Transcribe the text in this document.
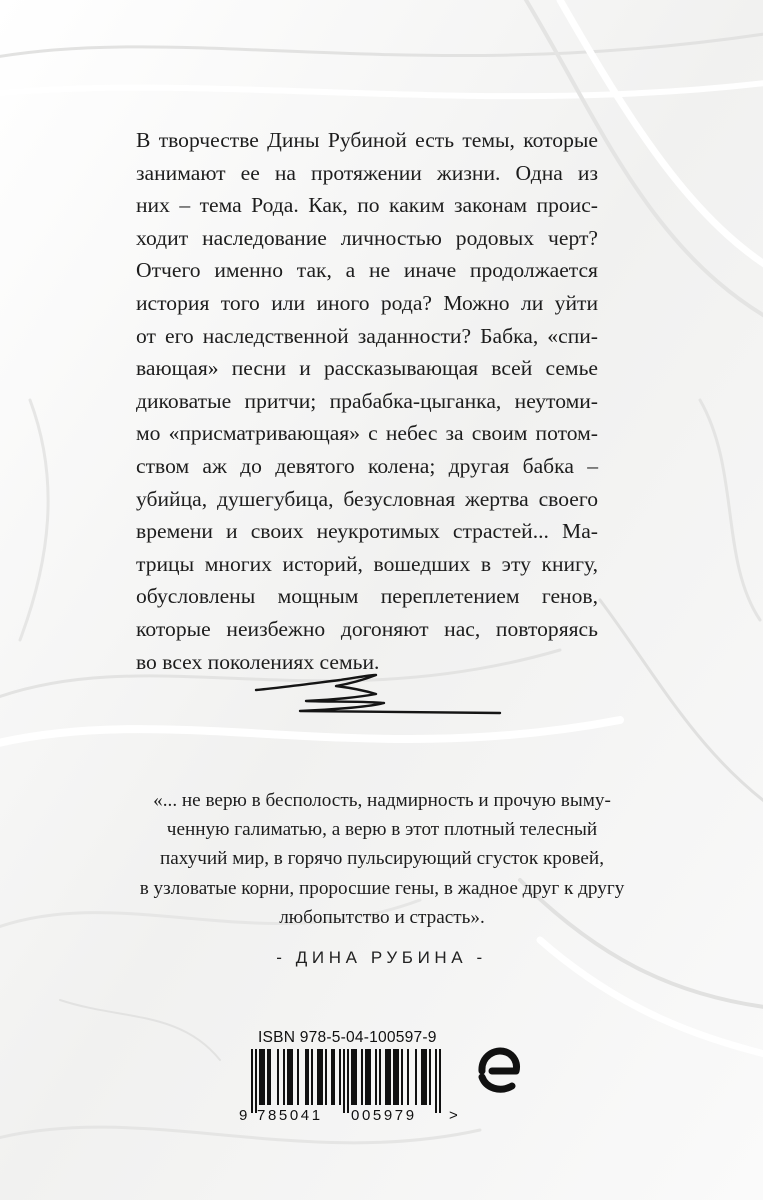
В творчестве Дины Рубиной есть темы, которые
занимают ее на протяжении жизни. Одна из
них – тема Рода. Как, по каким законам проис-
ходит наследование личностью родовых черт?
Отчего именно так, а не иначе продолжается
история того или иного рода? Можно ли уйти
от его наследственной заданности? Бабка, «спи-
вающая» песни и рассказывающая всей семье
диковатые притчи; прабабка-цыганка, неутоми-
мо «присматривающая» с небес за своим потом-
ством аж до девятого колена; другая бабка –
убийца, душегубица, безусловная жертва своего
времени и своих неукротимых страстей... Ма-
трицы многих историй, вошедших в эту книгу,
обусловлены мощным переплетением генов,
которые неизбежно догоняют нас, повторяясь
во всех поколениях семьи.
«... не верю в бесполость, надмирность и прочую выму-
ченную галиматью, а верю в этот плотный телесный
пахучий мир, в горячо пульсирующий сгусток кровей,
в узловатые корни, проросшие гены, в жадное друг к другу
любопытство и страсть».
- ДИНА РУБИНА -
ISBN 978-5-04-100597-9
9 785041 005979 >
